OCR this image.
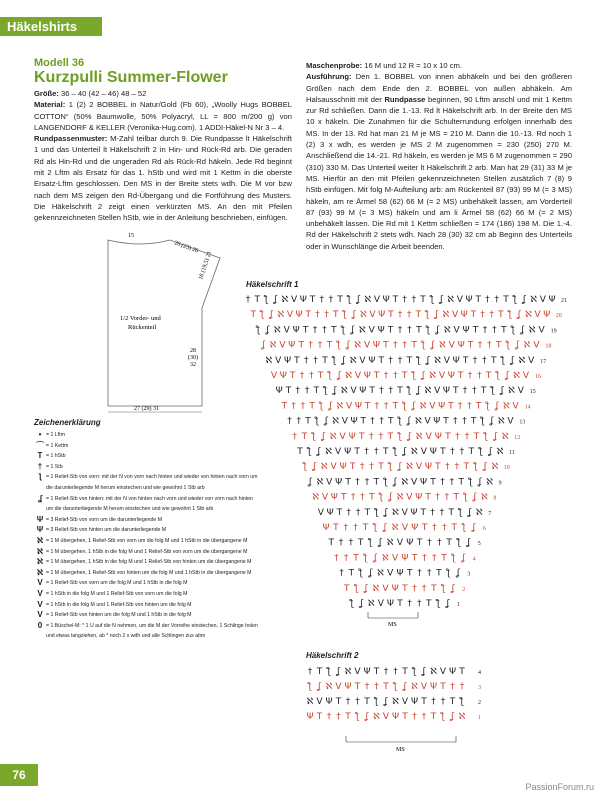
Häkelshirts
Modell 36
Kurzpulli Summer-Flower
Größe: 36 – 40 (42 – 46) 48 – 52
Material: 1 (2) 2 BOBBEL in Natur/Gold (Fb 60), „Woolly Hugs BOBBEL COTTON“ (50% Baumwolle, 50% Polyacryl, LL = 800 m/200 g) von LANGENDORF & KELLER (Veronika-Hug.com). 1 ADDI-Häkel-N Nr 3 – 4.
Rundpassenmuster: M-Zahl teilbar durch 9. Die Rundpasse lt Häkelschrift 1 und das Unterteil lt Häkelschrift 2 in Hin- und Rück-Rd arb. Die geraden Rd als Hin-Rd und die ungeraden Rd als Rück-Rd häkeln. Jede Rd beginnt mit 2 Lftm als Ersatz für das 1. hStb und wird mit 1 Kettm in die oberste Ersatz-Lftm geschlossen. Den MS in der Breite stets wdh. Die M vor bzw nach dem MS zeigen den Rd-Übergang und die Fortführung des Musters. Die Häkelschrift 2 zeigt einen verkürzten MS. An den mit Pfeilen gekennzeichneten Stellen hStb, wie in der Anleitung beschrieben, einfügen.
Maschenprobe: 16 M und 12 R = 10 x 10 cm.
Ausführung: Den 1. BOBBEL von innen abhäkeln und bei den größeren Größen nach dem Ende den 2. BOBBEL von außen abhäkeln. Am Halsausschnitt mit der Rundpasse beginnen, 90 Lftm anschl und mit 1 Kettm zur Rd schließen. Dann die 1.-13. Rd lt Häkelschrift arb. In der Breite den MS 10 x häkeln. Die Zunahmen für die Schulterrundung erfolgen innerhalb des MS. In der 13. Rd hat man 21 M je MS = 210 M. Dann die 10.-13. Rd noch 1 (2) 3 x wdh, es werden je MS 2 M zugenommen = 230 (250) 270 M. Anschließend die 14.-21. Rd häkeln, es werden je MS 6 M zugenommen = 290 (310) 330 M. Das Unterteil weiter lt Häkelschrift 2 arb. Man hat 29 (31) 33 M je MS. Hierfür an den mit Pfeilen gekennzeichneten Stellen zusätzlich 7 (8) 9 hStb einfügen. Mit folg M-Aufteilung arb: am Rückenteil 87 (93) 99 M (= 3 MS) häkeln, am re Ärmel 58 (62) 66 M (= 2 MS) unbehäkelt lassen, am Vorderteil 87 (93) 99 M (= 3 MS) häkeln und am li Ärmel 58 (62) 66 M (= 2 MS) unbehäkelt lassen. Die Rd mit 1 Kettm schließen = 174 (186) 198 M. Die 1.-4. Rd der Häkelschrift 2 stets wdh. Nach 28 (30) 32 cm ab Beginn des Unterteils oder in Wunschlänge die Arbeit beenden.
15
20 (23) 26
18 (19,5) 21
1/2 Vorder- und
Rückenteil
28
(30)
32
27 (29) 31
Zeichenerklärung
• = 1 Lftm
⌒ = 1 Kettm
T = 1 hStb
† = 1 Stb
ƪ = 1 Relief-Stb von vorn: mit der N von vorn nach hinten und wieder von hinten nach vorn um die darunterliegende M herum einstechen und wie gewohnt 1 Stb arb
ʆ = 1 Relief-Stb von hinten: mit der N von hinten nach vorn und wieder von vorn nach hinten um die darunterliegende M herum einstechen und wie gewohnt 1 Stb arb
Ψ = 3 Relief-Stb von vorn um die darunterliegende M
Ψ = 3 Relief-Stb von hinten um die darunterliegende M
ℵ = 1 M übergehen, 1 Relief-Stb von vorn um die folg M und 1 hStb in die übergangene M
ℵ = 1 M übergehen, 1 hStb in die folg M und 1 Relief-Stb von vorn um die übergangene M
ℵ = 1 M übergehen, 1 hStb in die folg M und 1 Relief-Stb von hinten um die übergangene M
ℵ = 1 M übergehen, 1 Relief-Stb von hinten um die folg M und 1 hStb in die übergangene M
V = 1 Relief-Stb von vorn um die folg M und 1 hStb in die folg M
V = 1 hStb in die folg M und 1 Relief-Stb von vorn um die folg M
V = 1 hStb in die folg M und 1 Relief-Stb von hinten um die folg M
V = 1 Relief-Stb von hinten um die folg M und 1 hStb in die folg M
0 = 1 Büschel-M: * 1 U auf die N nehmen, um die M der Vorreihe einstechen, 1 Schlinge holen und etwas langziehen, ab * noch 2 x wdh und alle Schlingen zus abm
Häkelschrift 1
† T ƪ ʆ ℵ V Ψ T † † T ƪ ʆ ℵ V Ψ T † † T ƪ ʆ ℵ V Ψ T † † T ƪ ʆ ℵ V Ψ 21
T ƪ ʆ ℵ V Ψ T † † T ƪ ʆ ℵ V Ψ T † † T ƪ ʆ ℵ V Ψ T † † T ƪ ʆ ℵ V Ψ 20
ƪ ʆ ℵ V Ψ T † † T ƪ ʆ ℵ V Ψ T † † T ƪ ʆ ℵ V Ψ T † † T ƪ ʆ ℵ V 19
ʆ ℵ V Ψ T † † T ƪ ʆ ℵ V Ψ T † † T ƪ ʆ ℵ V Ψ T † † T ƪ ʆ ℵ V 18
ℵ V Ψ T † † T ƪ ʆ ℵ V Ψ T † † T ƪ ʆ ℵ V Ψ T † † T ƪ ʆ ℵ V 17
V Ψ T † † T ƪ ʆ ℵ V Ψ T † † T ƪ ʆ ℵ V Ψ T † † T ƪ ʆ ℵ V 16
Ψ T † † T ƪ ʆ ℵ V Ψ T † † T ƪ ʆ ℵ V Ψ T † † T ƪ ʆ ℵ V 15
T † † T ƪ ʆ ℵ V Ψ T † † T ƪ ʆ ℵ V Ψ T † † T ƪ ʆ ℵ V 14
† † T ƪ ʆ ℵ V Ψ T † † T ƪ ʆ ℵ V Ψ T † † T ƪ ʆ ℵ V 13
† T ƪ ʆ ℵ V Ψ T † † T ƪ ʆ ℵ V Ψ T † † T ƪ ʆ ℵ 12
T ƪ ʆ ℵ V Ψ T † † T ƪ ʆ ℵ V Ψ T † † T ƪ ʆ ℵ 11
ƪ ʆ ℵ V Ψ T † † T ƪ ʆ ℵ V Ψ T † † T ƪ ʆ ℵ 10
ʆ ℵ V Ψ T † † T ƪ ʆ ℵ V Ψ T † † T ƪ ʆ ℵ 9
ℵ V Ψ T † † T ƪ ʆ ℵ V Ψ T † † T ƪ ʆ ℵ 8
V Ψ T † † T ƪ ʆ ℵ V Ψ T † † T ƪ ʆ ℵ 7
Ψ T † † T ƪ ʆ ℵ V Ψ T † † T ƪ ʆ 6
T † † T ƪ ʆ ℵ V Ψ T † † T ƪ ʆ 5
† † T ƪ ʆ ℵ V Ψ T † † T ƪ ʆ 4
† T ƪ ʆ ℵ V Ψ T † † T ƪ ʆ 3
T ƪ ʆ ℵ V Ψ T † † T ƪ ʆ 2
ƪ ʆ ℵ V Ψ T † † T ƪ ʆ 1
MS
Häkelschrift 2
† T ƪ ʆ ℵ V Ψ T † † T ƪ ʆ ℵ V Ψ T 4
ƪ ʆ ℵ V Ψ T † † T ƪ ʆ ℵ V Ψ T † † 3
ℵ V Ψ T † † T ƪ ʆ ℵ V Ψ T † † T ƪ 2
Ψ T † † T ƪ ʆ ℵ V Ψ T † † T ƪ ʆ ℵ 1
MS
76
PassionForum.ru
